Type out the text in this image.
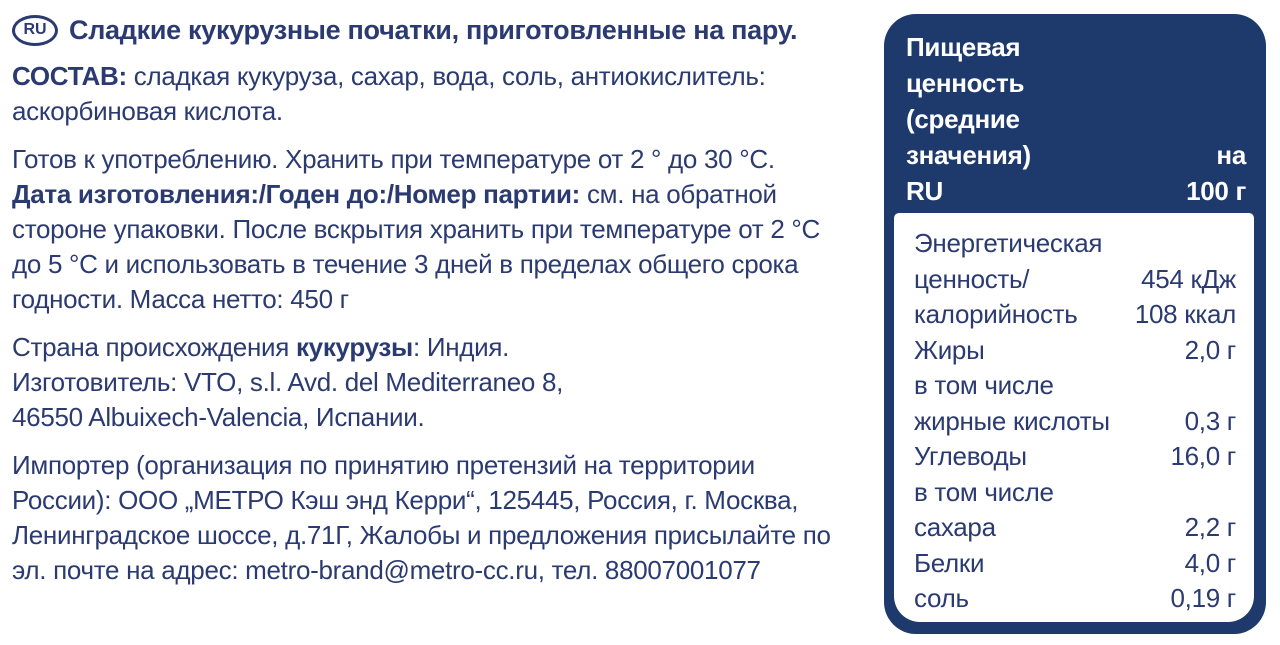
RU Сладкие кукурузные початки, приготовленные на пару.
СОСТАВ: сладкая кукуруза, сахар, вода, соль, антиокислитель:
аскорбиновая кислота.
Готов к употреблению. Хранить при температуре от 2 ° до 30 °С.
Дата изготовления:/Годен до:/Номер партии: см. на обратной
стороне упаковки. После вскрытия хранить при температуре от 2 °С
до 5 °С и использовать в течение 3 дней в пределах общего срока
годности. Масса нетто: 450 г
Страна происхождения кукурузы: Индия.
Изготовитель: VTO, s.l. Avd. del Mediterraneo 8,
46550 Albuixech-Valencia, Испании.
Импортер (организация по принятию претензий на территории
России): ООО „МЕТРО Кэш энд Керри“, 125445, Россия, г. Москва,
Ленинградское шоссе, д.71Г, Жалобы и предложения присылайте по
эл. почте на адрес: metro-brand@metro-cc.ru, тел. 88007001077
Пищевая
ценность
(средние
значения)
RU
на
100 г
Энергетическая
ценность/	454 кДж
калорийность 108 ккал
Жиры	2,0 г
в том числе
жирные кислоты	0,3 г
Углеводы	16,0 г
в том числе
сахара	2,2 г
Белки	4,0 г
соль	0,19 г
